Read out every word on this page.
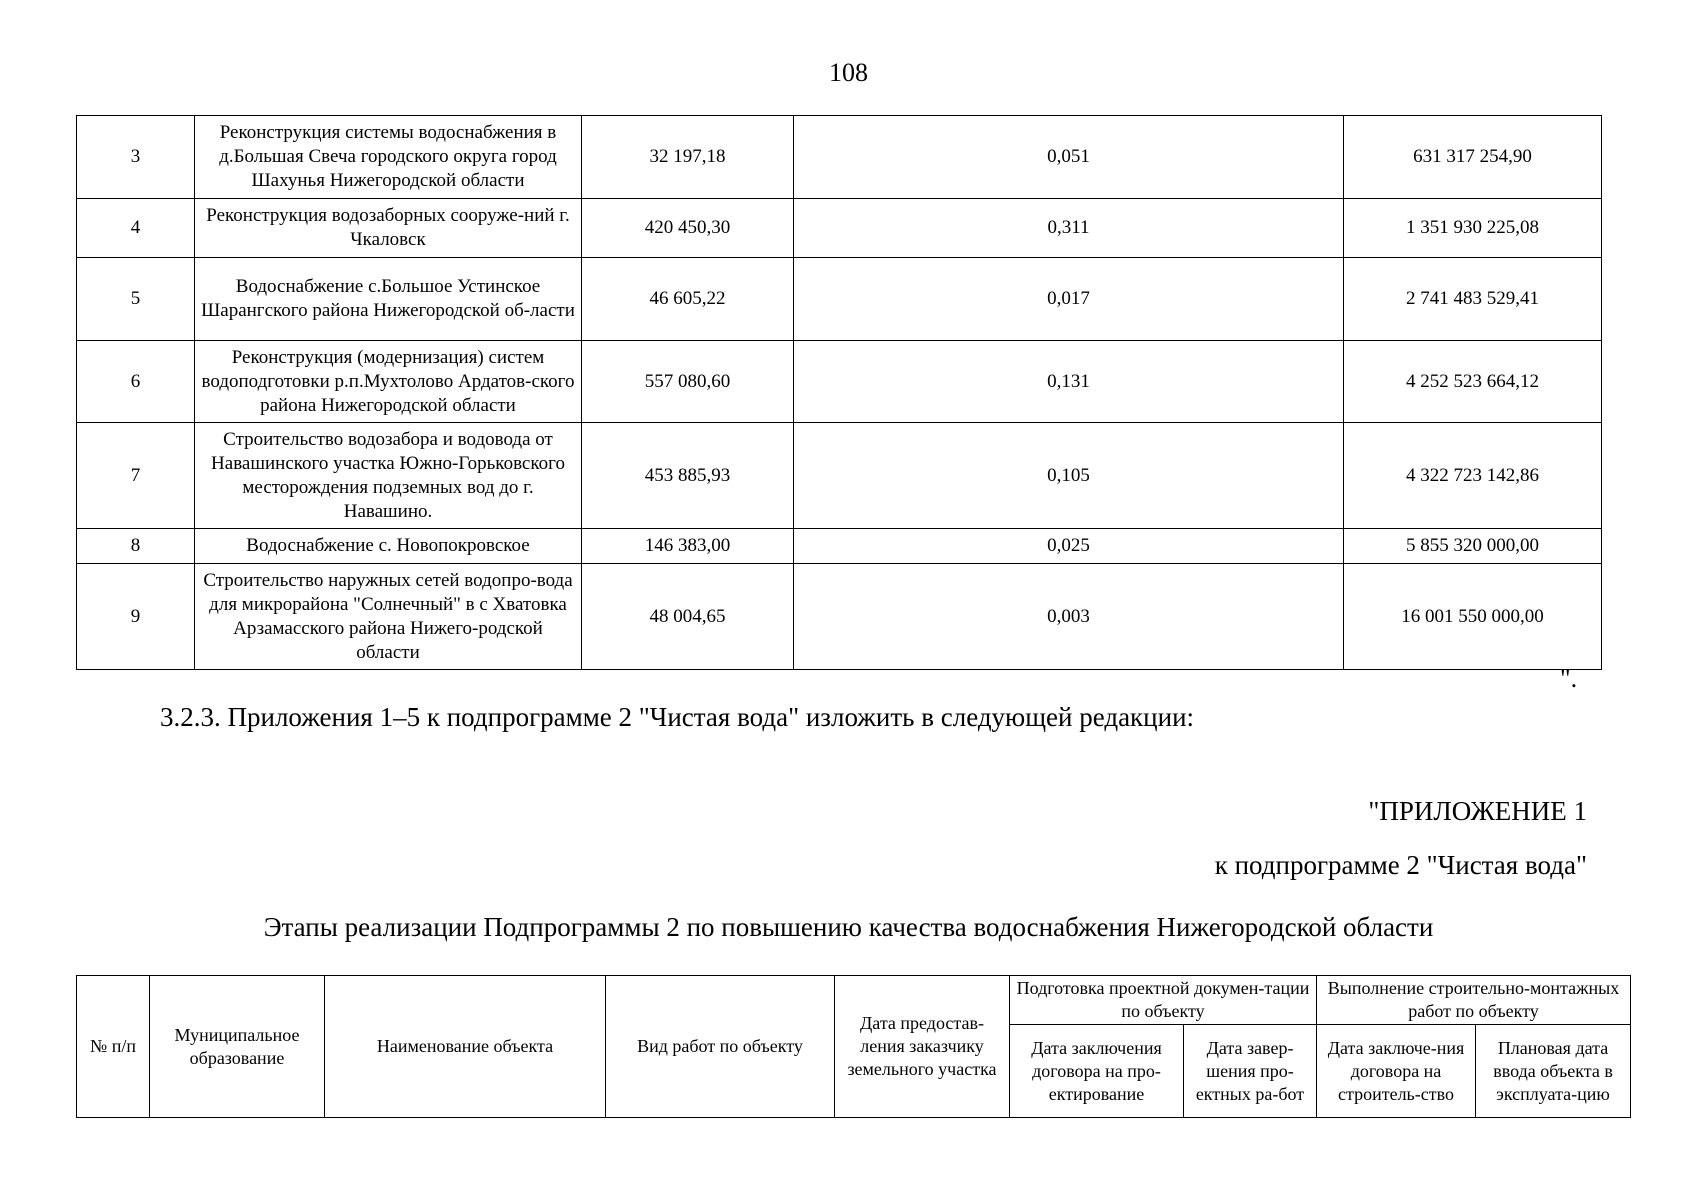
108
3	Реконструкция системы водоснабжения в д.Большая Свеча городского округа город Шахунья Нижегородской области	32 197,18	0,051	631 317 254,90
4	Реконструкция водозаборных сооруже-ний г. Чкаловск	420 450,30	0,311	1 351 930 225,08
5	Водоснабжение с.Большое Устинское Шарангского района Нижегородской об-ласти	46 605,22	0,017	2 741 483 529,41
6	Реконструкция (модернизация) систем водоподготовки р.п.Мухтолово Ардатов-ского района Нижегородской области	557 080,60	0,131	4 252 523 664,12
7	Строительство водозабора и водовода от Навашинского участка Южно-Горьковского месторождения подземных вод до г. Навашино.	453 885,93	0,105	4 322 723 142,86
8	Водоснабжение с. Новопокровское	146 383,00	0,025	5 855 320 000,00
9	Строительство наружных сетей водопро-вода для микрорайона "Солнечный" в с Хватовка Арзамасского района Нижего-родской области	48 004,65	0,003	16 001 550 000,00
".
3.2.3. Приложения 1–5 к подпрограмме 2 "Чистая вода" изложить в следующей редакции:
"ПРИЛОЖЕНИЕ 1
к подпрограмме 2 "Чистая вода"
Этапы реализации Подпрограммы 2 по повышению качества водоснабжения Нижегородской области
№ п/п	Муниципальное образование	Наименование объекта	Вид работ по объекту	Дата предостав-ления заказчику земельного участка	Подготовка проектной докумен-тации по объекту		Выполнение строительно-монтажных работ по объекту	
					Дата заключения договора на про-ектирование	Дата завер-шения про-ектных ра-бот	Дата заключе-ния договора на строитель-ство	Плановая дата ввода объекта в эксплуата-цию
